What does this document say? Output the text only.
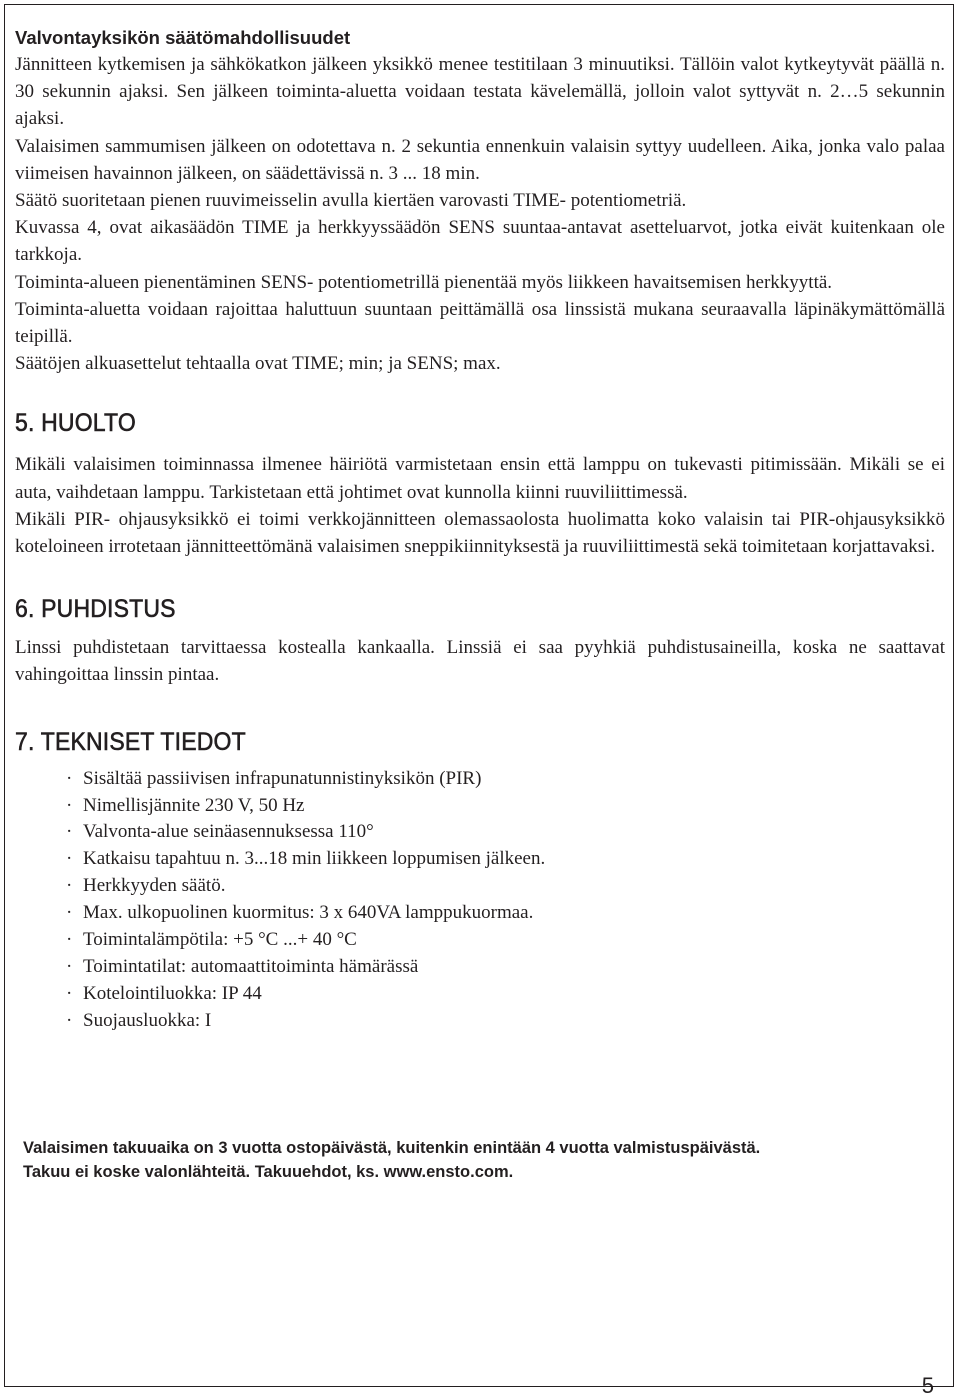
Valvontayksikön säätömahdollisuudet

Jännitteen kytkemisen ja sähkökatkon jälkeen yksikkö menee testitilaan 3 minuutiksi. Tällöin valot kytkeytyvät päällä n. 30 sekunnin ajaksi. Sen jälkeen toiminta-aluetta voidaan testata kävelemällä, jolloin valot syttyvät n. 2…5 sekunnin ajaksi.

Valaisimen sammumisen jälkeen on odotettava n. 2 sekuntia ennenkuin valaisin syttyy uudelleen. Aika, jonka valo palaa viimeisen havainnon jälkeen, on säädettävissä n. 3 ... 18 min.

Säätö suoritetaan pienen ruuvimeisselin avulla kiertäen varovasti TIME- potentiometriä.

Kuvassa 4, ovat aikasäädön TIME ja herkkyyssäädön SENS suuntaa-antavat asetteluarvot, jotka eivät kuitenkaan ole tarkkoja.

Toiminta-alueen pienentäminen SENS- potentiometrillä pienentää myös liikkeen havaitsemisen herkkyyttä.

Toiminta-aluetta voidaan rajoittaa haluttuun suuntaan peittämällä osa linssistä mukana seuraavalla läpinäkymättömällä teipillä.

Säätöjen alkuasettelut tehtaalla ovat TIME; min; ja SENS; max.

5. HUOLTO

Mikäli valaisimen toiminnassa ilmenee häiriötä varmistetaan ensin että lamppu on tukevasti pitimissään. Mikäli se ei auta, vaihdetaan lamppu. Tarkistetaan että johtimet ovat kunnolla kiinni ruuviliittimessä.

Mikäli PIR- ohjausyksikkö ei toimi verkkojännitteen olemassaolosta huolimatta koko valaisin tai PIR-ohjausyksikkö koteloineen irrotetaan jännitteettömänä valaisimen sneppikiinnityksestä ja ruuviliittimestä sekä toimitetaan korjattavaksi.

6. PUHDISTUS

Linssi puhdistetaan tarvittaessa kostealla kankaalla. Linssiä ei saa pyyhkiä puhdistusaineilla, koska ne saattavat vahingoittaa linssin pintaa.

7. TEKNISET TIEDOT
· Sisältää passiivisen infrapunatunnistinyksikön (PIR)
· Nimellisjännite 230 V, 50 Hz
· Valvonta-alue seinäasennuksessa 110°
· Katkaisu tapahtuu n. 3...18 min liikkeen loppumisen jälkeen.
· Herkkyyden säätö.
· Max. ulkopuolinen kuormitus: 3 x 640VA lamppukuormaa.
· Toimintalämpötila: +5 °C ...+ 40 °C
· Toimintatilat: automaattitoiminta hämärässä
· Kotelointiluokka: IP 44
· Suojausluokka: I

Valaisimen takuuaika on 3 vuotta ostopäivästä, kuitenkin enintään 4 vuotta valmistuspäivästä.

Takuu ei koske valonlähteitä. Takuuehdot, ks. www.ensto.com.

5
